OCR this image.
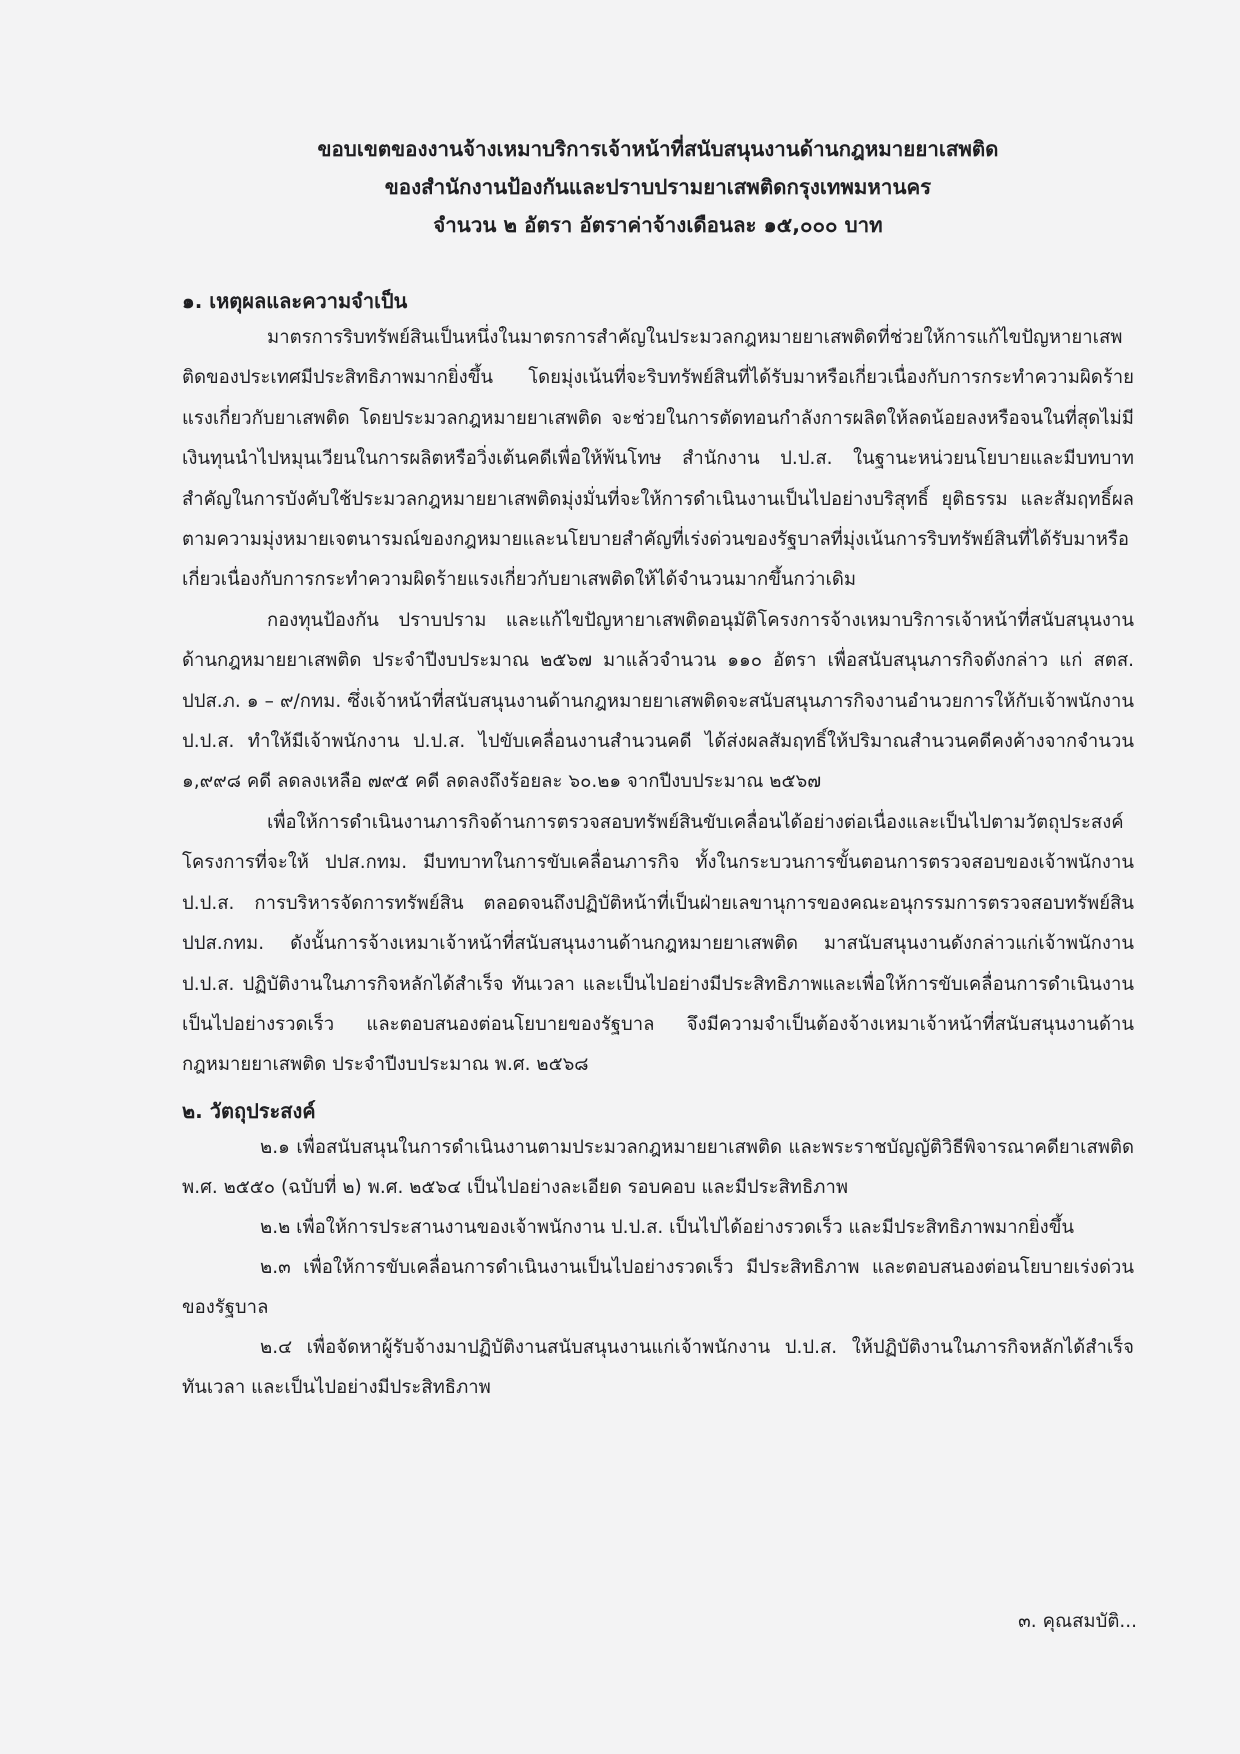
ขอบเขตของงานจ้างเหมาบริการเจ้าหน้าที่สนับสนุนงานด้านกฎหมายยาเสพติด
ของสำนักงานป้องกันและปราบปรามยาเสพติดกรุงเทพมหานคร
จำนวน ๒ อัตรา อัตราค่าจ้างเดือนละ ๑๕,๐๐๐ บาท
๑. เหตุผลและความจำเป็น

มาตรการริบทรัพย์สินเป็นหนึ่งในมาตรการสำคัญในประมวลกฎหมายยาเสพติดที่ช่วยให้การแก้ไขปัญหายาเสพติดของประเทศมีประสิทธิภาพมากยิ่งขึ้น โดยมุ่งเน้นที่จะริบทรัพย์สินที่ได้รับมาหรือเกี่ยวเนื่องกับการกระทำความผิดร้ายแรงเกี่ยวกับยาเสพติด โดยประมวลกฎหมายยาเสพติด จะช่วยในการตัดทอนกำลังการผลิตให้ลดน้อยลงหรือจนในที่สุดไม่มีเงินทุนนำไปหมุนเวียนในการผลิตหรือวิ่งเต้นคดีเพื่อให้พ้นโทษ สำนักงาน ป.ป.ส. ในฐานะหน่วยนโยบายและมีบทบาทสำคัญในการบังคับใช้ประมวลกฎหมายยาเสพติดมุ่งมั่นที่จะให้การดำเนินงานเป็นไปอย่างบริสุทธิ์ ยุติธรรม และสัมฤทธิ์ผลตามความมุ่งหมายเจตนารมณ์ของกฎหมายและนโยบายสำคัญที่เร่งด่วนของรัฐบาลที่มุ่งเน้นการริบทรัพย์สินที่ได้รับมาหรือเกี่ยวเนื่องกับการกระทำความผิดร้ายแรงเกี่ยวกับยาเสพติดให้ได้จำนวนมากขึ้นกว่าเดิม

กองทุนป้องกัน ปราบปราม และแก้ไขปัญหายาเสพติดอนุมัติโครงการจ้างเหมาบริการเจ้าหน้าที่สนับสนุนงานด้านกฎหมายยาเสพติด ประจำปีงบประมาณ ๒๕๖๗ มาแล้วจำนวน ๑๑๐ อัตรา เพื่อสนับสนุนภารกิจดังกล่าว แก่ สตส. ปปส.ภ. ๑ – ๙/กทม. ซึ่งเจ้าหน้าที่สนับสนุนงานด้านกฎหมายยาเสพติดจะสนับสนุนภารกิจงานอำนวยการให้กับเจ้าพนักงาน ป.ป.ส. ทำให้มีเจ้าพนักงาน ป.ป.ส. ไปขับเคลื่อนงานสำนวนคดี ได้ส่งผลสัมฤทธิ์ให้ปริมาณสำนวนคดีคงค้างจากจำนวน ๑,๙๙๘ คดี ลดลงเหลือ ๗๙๕ คดี ลดลงถึงร้อยละ ๖๐.๒๑ จากปีงบประมาณ ๒๕๖๗

เพื่อให้การดำเนินงานภารกิจด้านการตรวจสอบทรัพย์สินขับเคลื่อนได้อย่างต่อเนื่องและเป็นไปตามวัตถุประสงค์โครงการที่จะให้ ปปส.กทม. มีบทบาทในการขับเคลื่อนภารกิจ ทั้งในกระบวนการขั้นตอนการตรวจสอบของเจ้าพนักงาน ป.ป.ส. การบริหารจัดการทรัพย์สิน ตลอดจนถึงปฏิบัติหน้าที่เป็นฝ่ายเลขานุการของคณะอนุกรรมการตรวจสอบทรัพย์สิน ปปส.กทม. ดังนั้นการจ้างเหมาเจ้าหน้าที่สนับสนุนงานด้านกฎหมายยาเสพติด มาสนับสนุนงานดังกล่าวแก่เจ้าพนักงาน ป.ป.ส. ปฏิบัติงานในภารกิจหลักได้สำเร็จ ทันเวลา และเป็นไปอย่างมีประสิทธิภาพและเพื่อให้การขับเคลื่อนการดำเนินงานเป็นไปอย่างรวดเร็ว และตอบสนองต่อนโยบายของรัฐบาล จึงมีความจำเป็นต้องจ้างเหมาเจ้าหน้าที่สนับสนุนงานด้านกฎหมายยาเสพติด ประจำปีงบประมาณ พ.ศ. ๒๕๖๘

๒. วัตถุประสงค์

๒.๑ เพื่อสนับสนุนในการดำเนินงานตามประมวลกฎหมายยาเสพติด และพระราชบัญญัติวิธีพิจารณาคดียาเสพติด พ.ศ. ๒๕๕๐ (ฉบับที่ ๒) พ.ศ. ๒๕๖๔ เป็นไปอย่างละเอียด รอบคอบ และมีประสิทธิภาพ

๒.๒ เพื่อให้การประสานงานของเจ้าพนักงาน ป.ป.ส. เป็นไปได้อย่างรวดเร็ว และมีประสิทธิภาพมากยิ่งขึ้น

๒.๓ เพื่อให้การขับเคลื่อนการดำเนินงานเป็นไปอย่างรวดเร็ว มีประสิทธิภาพ และตอบสนองต่อนโยบายเร่งด่วนของรัฐบาล

๒.๔ เพื่อจัดหาผู้รับจ้างมาปฏิบัติงานสนับสนุนงานแก่เจ้าพนักงาน ป.ป.ส. ให้ปฏิบัติงานในภารกิจหลักได้สำเร็จ ทันเวลา และเป็นไปอย่างมีประสิทธิภาพ

๓. คุณสมบัติ...
